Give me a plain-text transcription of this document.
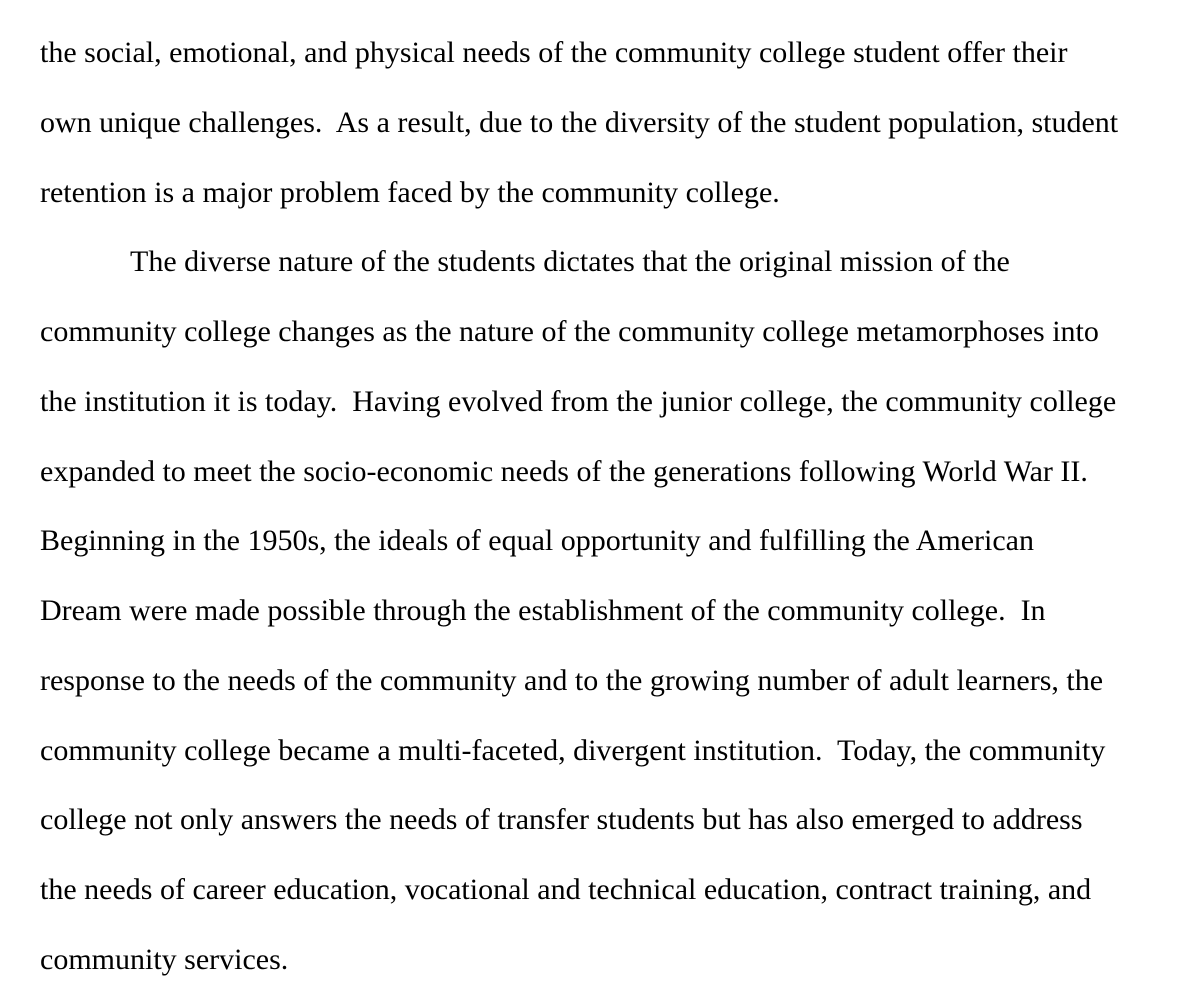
the social, emotional, and physical needs of the community college student offer their

own unique challenges.  As a result, due to the diversity of the student population, student

retention is a major problem faced by the community college.

The diverse nature of the students dictates that the original mission of the

community college changes as the nature of the community college metamorphoses into

the institution it is today.  Having evolved from the junior college, the community college

expanded to meet the socio-economic needs of the generations following World War II.

Beginning in the 1950s, the ideals of equal opportunity and fulfilling the American

Dream were made possible through the establishment of the community college.  In

response to the needs of the community and to the growing number of adult learners, the

community college became a multi-faceted, divergent institution.  Today, the community

college not only answers the needs of transfer students but has also emerged to address

the needs of career education, vocational and technical education, contract training, and

community services.
